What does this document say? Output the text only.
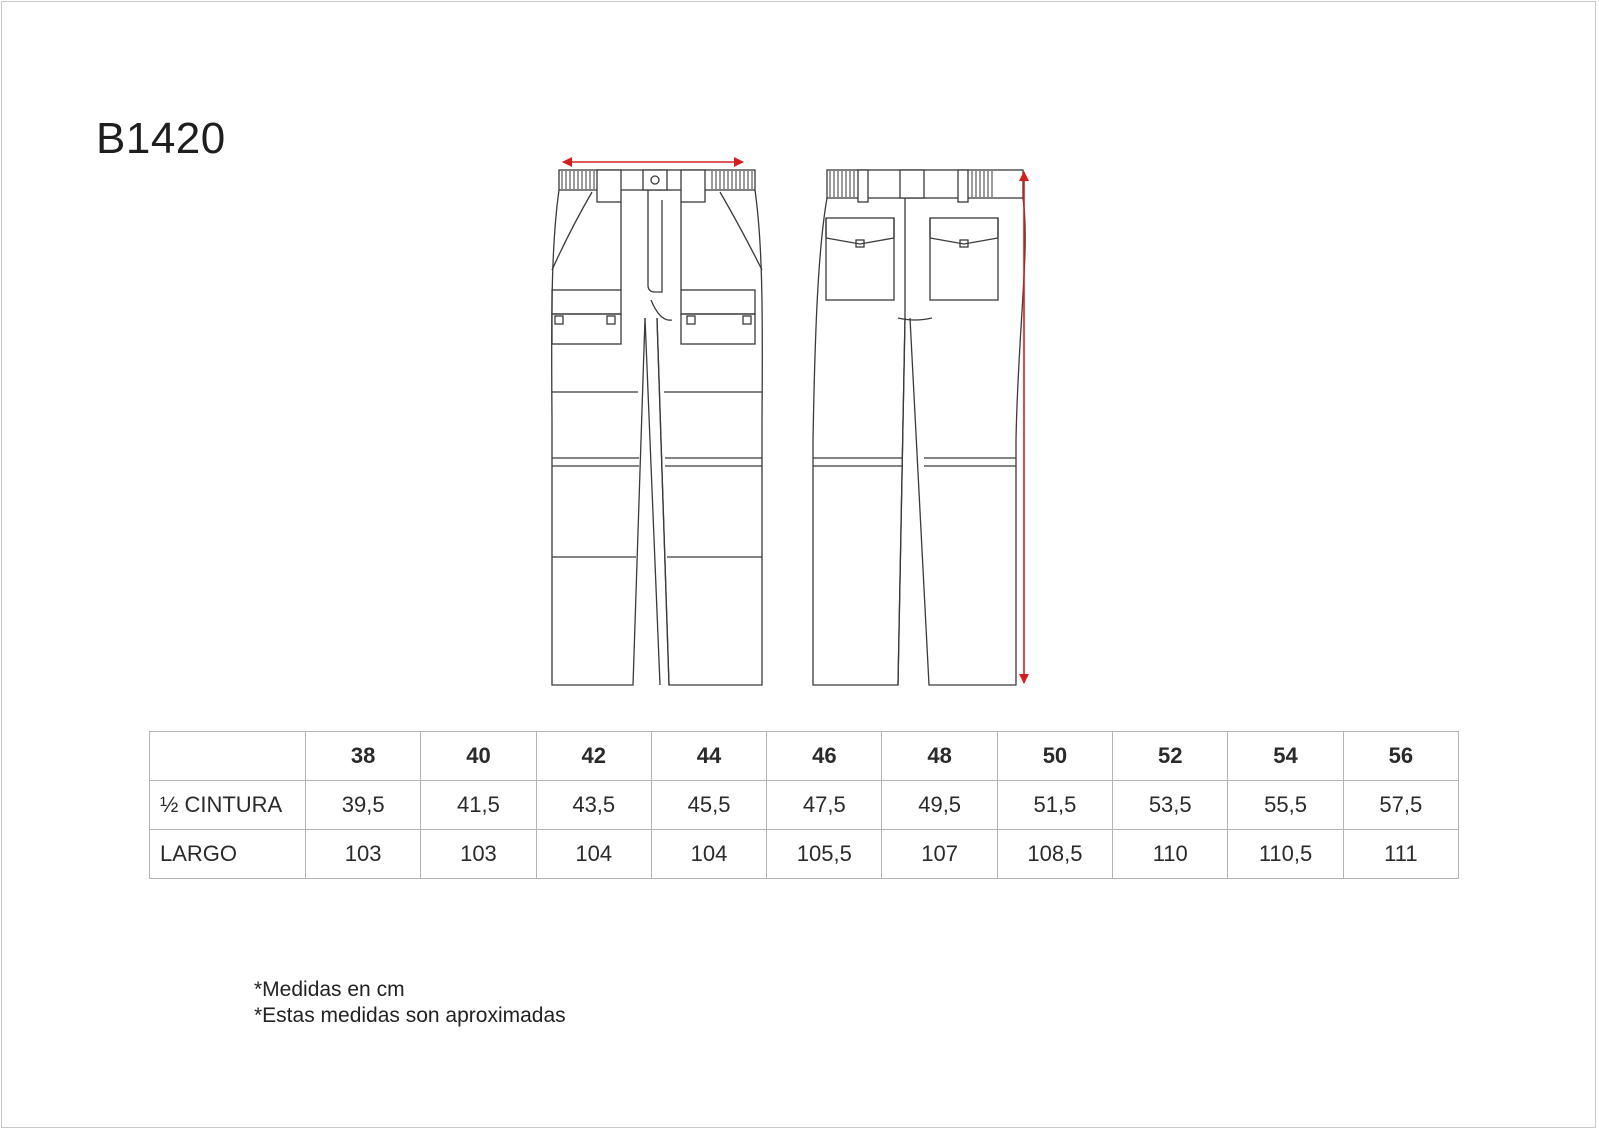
B1420
	38	40	42	44	46	48	50	52	54	56
½ CINTURA	39,5	41,5	43,5	45,5	47,5	49,5	51,5	53,5	55,5	57,5
LARGO	103	103	104	104	105,5	107	108,5	110	110,5	111
*Medidas en cm
*Estas medidas son aproximadas
